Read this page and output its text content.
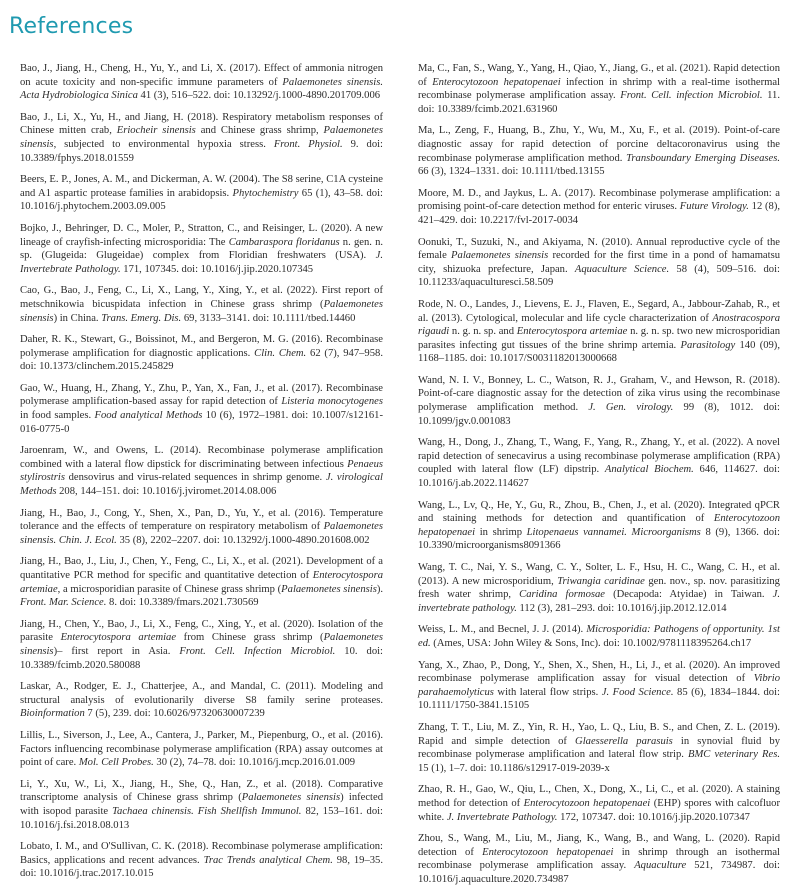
References

Bao, J., Jiang, H., Cheng, H., Yu, Y., and Li, X. (2017). Effect of ammonia nitrogen on acute toxicity and non-specific immune parameters of Palaemonetes sinensis. Acta Hydrobiologica Sinica 41 (3), 516–522. doi: 10.13292/j.1000-4890.201709.006

Bao, J., Li, X., Yu, H., and Jiang, H. (2018). Respiratory metabolism responses of Chinese mitten crab, Eriocheir sinensis and Chinese grass shrimp, Palaemonetes sinensis, subjected to environmental hypoxia stress. Front. Physiol. 9. doi: 10.3389/fphys.2018.01559

Beers, E. P., Jones, A. M., and Dickerman, A. W. (2004). The S8 serine, C1A cysteine and A1 aspartic protease families in arabidopsis. Phytochemistry 65 (1), 43–58. doi: 10.1016/j.phytochem.2003.09.005

Bojko, J., Behringer, D. C., Moler, P., Stratton, C., and Reisinger, L. (2020). A new lineage of crayfish-infecting microsporidia: The Cambaraspora floridanus n. gen. n. sp. (Glugeida: Glugeidae) complex from Floridian freshwaters (USA). J. Invertebrate Pathology. 171, 107345. doi: 10.1016/j.jip.2020.107345

Cao, G., Bao, J., Feng, C., Li, X., Lang, Y., Xing, Y., et al. (2022). First report of metschnikowia bicuspidata infection in Chinese grass shrimp (Palaemonetes sinensis) in China. Trans. Emerg. Dis. 69, 3133–3141. doi: 10.1111/tbed.14460

Daher, R. K., Stewart, G., Boissinot, M., and Bergeron, M. G. (2016). Recombinase polymerase amplification for diagnostic applications. Clin. Chem. 62 (7), 947–958. doi: 10.1373/clinchem.2015.245829

Gao, W., Huang, H., Zhang, Y., Zhu, P., Yan, X., Fan, J., et al. (2017). Recombinase polymerase amplification-based assay for rapid detection of Listeria monocytogenes in food samples. Food analytical Methods 10 (6), 1972–1981. doi: 10.1007/s12161-016-0775-0

Jaroenram, W., and Owens, L. (2014). Recombinase polymerase amplification combined with a lateral flow dipstick for discriminating between infectious Penaeus stylirostris densovirus and virus-related sequences in shrimp genome. J. virological Methods 208, 144–151. doi: 10.1016/j.jviromet.2014.08.006

Jiang, H., Bao, J., Cong, Y., Shen, X., Pan, D., Yu, Y., et al. (2016). Temperature tolerance and the effects of temperature on respiratory metabolism of Palaemonetes sinensis. Chin. J. Ecol. 35 (8), 2202–2207. doi: 10.13292/j.1000-4890.201608.002

Jiang, H., Bao, J., Liu, J., Chen, Y., Feng, C., Li, X., et al. (2021). Development of a quantitative PCR method for specific and quantitative detection of Enterocytospora artemiae, a microsporidian parasite of Chinese grass shrimp (Palaemonetes sinensis). Front. Mar. Science. 8. doi: 10.3389/fmars.2021.730569

Jiang, H., Chen, Y., Bao, J., Li, X., Feng, C., Xing, Y., et al. (2020). Isolation of the parasite Enterocytospora artemiae from Chinese grass shrimp (Palaemonetes sinensis)– first report in Asia. Front. Cell. Infection Microbiol. 10. doi: 10.3389/fcimb.2020.580088

Laskar, A., Rodger, E. J., Chatterjee, A., and Mandal, C. (2011). Modeling and structural analysis of evolutionarily diverse S8 family serine proteases. Bioinformation 7 (5), 239. doi: 10.6026/97320630007239

Lillis, L., Siverson, J., Lee, A., Cantera, J., Parker, M., Piepenburg, O., et al. (2016). Factors influencing recombinase polymerase amplification (RPA) assay outcomes at point of care. Mol. Cell Probes. 30 (2), 74–78. doi: 10.1016/j.mcp.2016.01.009

Li, Y., Xu, W., Li, X., Jiang, H., She, Q., Han, Z., et al. (2018). Comparative transcriptome analysis of Chinese grass shrimp (Palaemonetes sinensis) infected with isopod parasite Tachaea chinensis. Fish Shellfish Immunol. 82, 153–161. doi: 10.1016/j.fsi.2018.08.013

Lobato, I. M., and O'Sullivan, C. K. (2018). Recombinase polymerase amplification: Basics, applications and recent advances. Trac Trends analytical Chem. 98, 19–35. doi: 10.1016/j.trac.2017.10.015

Ma, C., Fan, S., Wang, Y., Yang, H., Qiao, Y., Jiang, G., et al. (2021). Rapid detection of Enterocytozoon hepatopenaei infection in shrimp with a real-time isothermal recombinase polymerase amplification assay. Front. Cell. infection Microbiol. 11. doi: 10.3389/fcimb.2021.631960

Ma, L., Zeng, F., Huang, B., Zhu, Y., Wu, M., Xu, F., et al. (2019). Point-of-care diagnostic assay for rapid detection of porcine deltacoronavirus using the recombinase polymerase amplification method. Transboundary Emerging Diseases. 66 (3), 1324–1331. doi: 10.1111/tbed.13155

Moore, M. D., and Jaykus, L. A. (2017). Recombinase polymerase amplification: a promising point-of-care detection method for enteric viruses. Future Virology. 12 (8), 421–429. doi: 10.2217/fvl-2017-0034

Oonuki, T., Suzuki, N., and Akiyama, N. (2010). Annual reproductive cycle of the female Palaemonetes sinensis recorded for the first time in a pond of hamamatsu city, shizuoka prefecture, Japan. Aquaculture Science. 58 (4), 509–516. doi: 10.11233/aquaculturesci.58.509

Rode, N. O., Landes, J., Lievens, E. J., Flaven, E., Segard, A., Jabbour-Zahab, R., et al. (2013). Cytological, molecular and life cycle characterization of Anostracospora rigaudi n. g. n. sp. and Enterocytospora artemiae n. g. n. sp. two new microsporidian parasites infecting gut tissues of the brine shrimp artemia. Parasitology 140 (09), 1168–1185. doi: 10.1017/S0031182013000668

Wand, N. I. V., Bonney, L. C., Watson, R. J., Graham, V., and Hewson, R. (2018). Point-of-care diagnostic assay for the detection of zika virus using the recombinase polymerase amplification method. J. Gen. virology. 99 (8), 1012. doi: 10.1099/jgv.0.001083

Wang, H., Dong, J., Zhang, T., Wang, F., Yang, R., Zhang, Y., et al. (2022). A novel rapid detection of senecavirus a using recombinase polymerase amplification (RPA) coupled with lateral flow (LF) dipstrip. Analytical Biochem. 646, 114627. doi: 10.1016/j.ab.2022.114627

Wang, L., Lv, Q., He, Y., Gu, R., Zhou, B., Chen, J., et al. (2020). Integrated qPCR and staining methods for detection and quantification of Enterocytozoon hepatopenaei in shrimp Litopenaeus vannamei. Microorganisms 8 (9), 1366. doi: 10.3390/microorganisms8091366

Wang, T. C., Nai, Y. S., Wang, C. Y., Solter, L. F., Hsu, H. C., Wang, C. H., et al. (2013). A new microsporidium, Triwangia caridinae gen. nov., sp. nov. parasitizing fresh water shrimp, Caridina formosae (Decapoda: Atyidae) in Taiwan. J. invertebrate pathology. 112 (3), 281–293. doi: 10.1016/j.jip.2012.12.014

Weiss, L. M., and Becnel, J. J. (2014). Microsporidia: Pathogens of opportunity. 1st ed. (Ames, USA: John Wiley & Sons, Inc). doi: 10.1002/9781118395264.ch17

Yang, X., Zhao, P., Dong, Y., Shen, X., Shen, H., Li, J., et al. (2020). An improved recombinase polymerase amplification assay for visual detection of Vibrio parahaemolyticus with lateral flow strips. J. Food Science. 85 (6), 1834–1844. doi: 10.1111/1750-3841.15105

Zhang, T. T., Liu, M. Z., Yin, R. H., Yao, L. Q., Liu, B. S., and Chen, Z. L. (2019). Rapid and simple detection of Glaesserella parasuis in synovial fluid by recombinase polymerase amplification and lateral flow strip. BMC veterinary Res. 15 (1), 1–7. doi: 10.1186/s12917-019-2039-x

Zhao, R. H., Gao, W., Qiu, L., Chen, X., Dong, X., Li, C., et al. (2020). A staining method for detection of Enterocytozoon hepatopenaei (EHP) spores with calcofluor white. J. Invertebrate Pathology. 172, 107347. doi: 10.1016/j.jip.2020.107347

Zhou, S., Wang, M., Liu, M., Jiang, K., Wang, B., and Wang, L. (2020). Rapid detection of Enterocytozoon hepatopenaei in shrimp through an isothermal recombinase polymerase amplification assay. Aquaculture 521, 734987. doi: 10.1016/j.aquaculture.2020.734987
